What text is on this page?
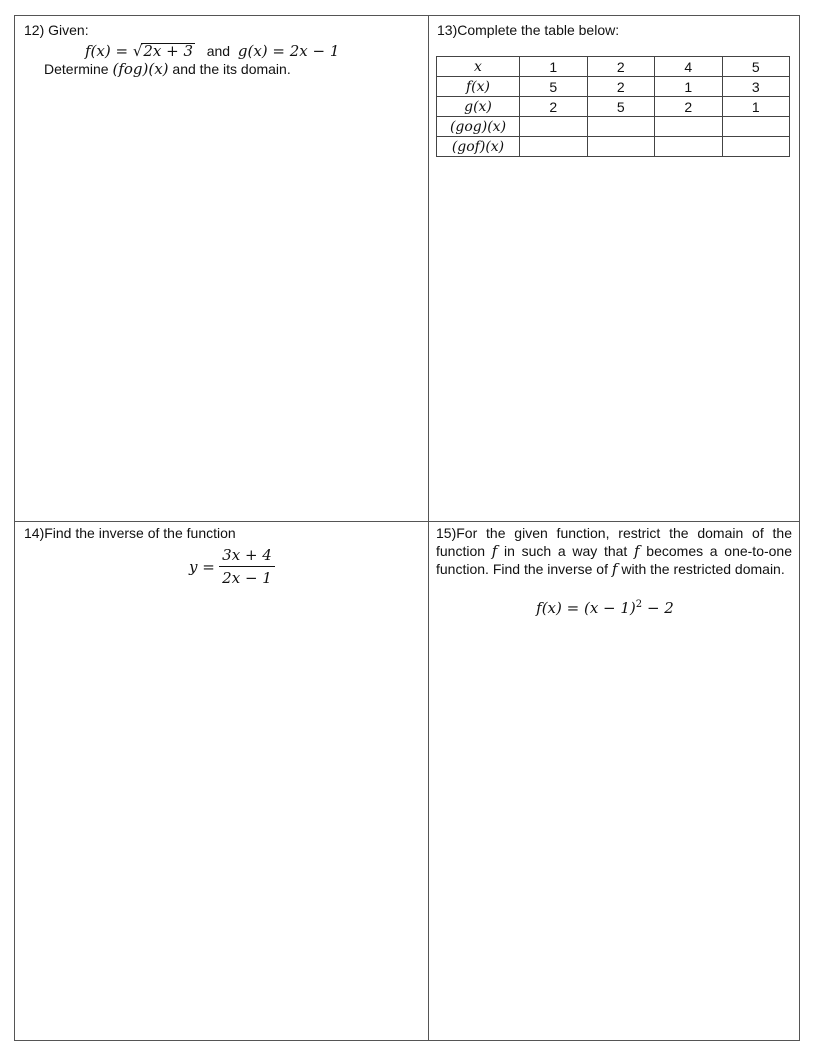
12) Given:
f(x) = √2x + 3 and g(x) = 2x − 1
Determine (fog)(x) and the its domain.
13)Complete the table below:
x	1	2	4	5
f(x)	5	2	1	3
g(x)	2	5	2	1
(gog)(x)				
(gof)(x)				
14)Find the inverse of the function
$y = \frac{3x + 4}{2x - 1}$
15)For the given function, restrict the domain of the function f in such a way that f becomes a one-to-one function. Find the inverse of f with the restricted domain.
$f(x) = (x - 1)^2 - 2$
